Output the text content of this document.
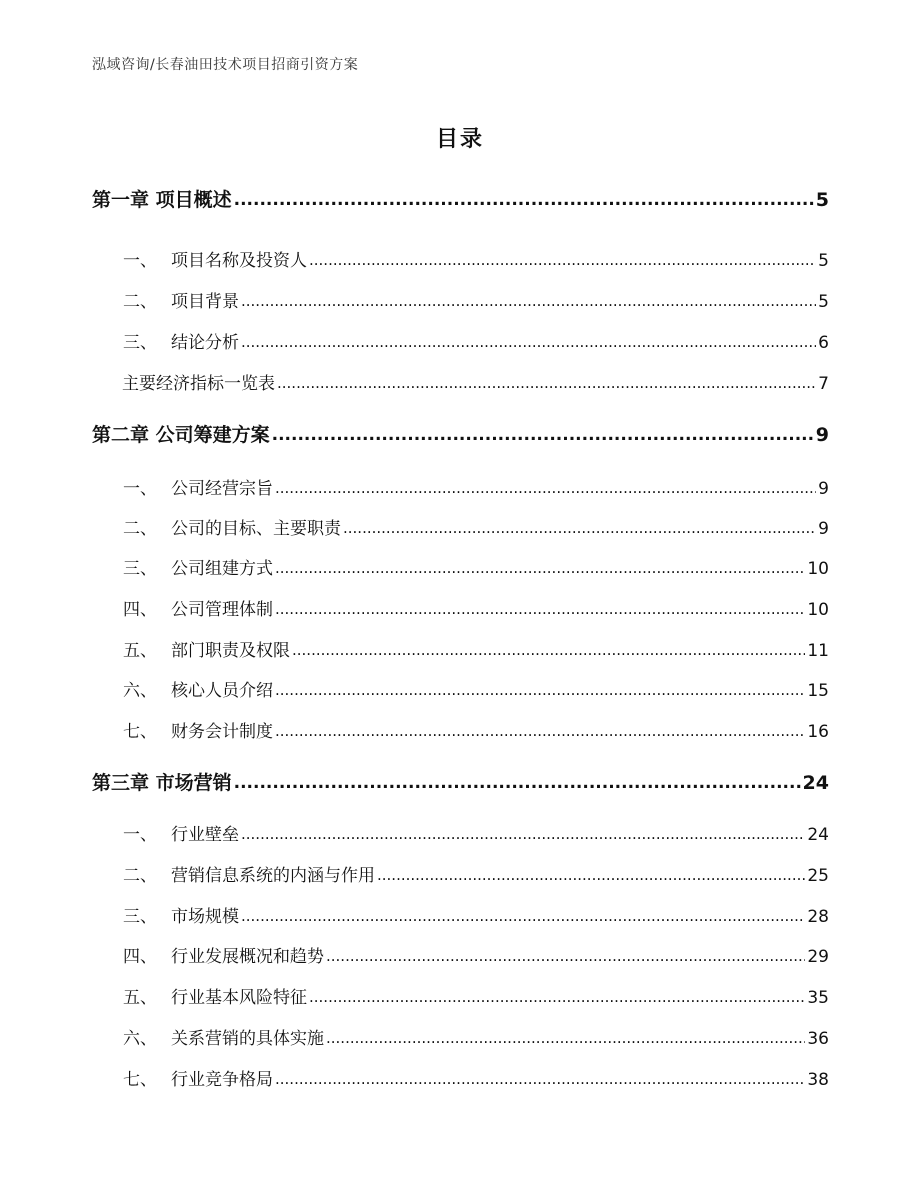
泓域咨询/长春油田技术项目招商引资方案
目录
第一章 项目概述 .....	5
一、 项目名称及投资人 .....	5
二、 项目背景 .....	5
三、 结论分析 .....	6
主要经济指标一览表 .....	7
第二章 公司筹建方案 .....	9
一、 公司经营宗旨 .....	9
二、 公司的目标、主要职责 .....	9
三、 公司组建方式 .....	10
四、 公司管理体制 .....	10
五、 部门职责及权限 .....	11
六、 核心人员介绍 .....	15
七、 财务会计制度 .....	16
第三章 市场营销 .....	24
一、 行业壁垒 .....	24
二、 营销信息系统的内涵与作用 .....	25
三、 市场规模 .....	28
四、 行业发展概况和趋势 .....	29
五、 行业基本风险特征 .....	35
六、 关系营销的具体实施 .....	36
七、 行业竞争格局 .....	38
